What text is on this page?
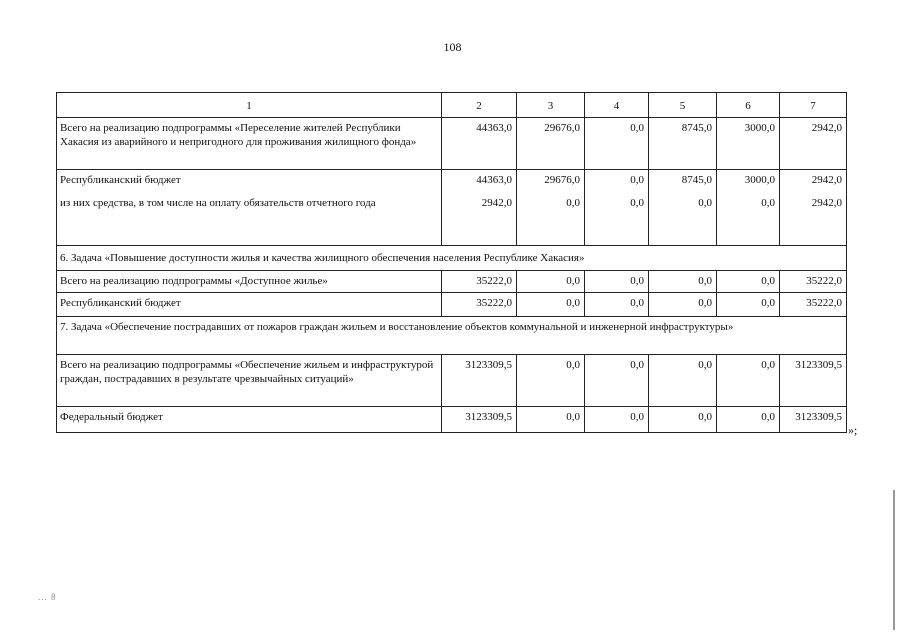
108
1	2	3	4	5	6	7
Всего на реализацию подпрограммы «Переселение жителей Республики Хакасия из аварийного и непригодного для проживания жилищного фонда»	44363,0	29676,0	0,0	8745,0	3000,0	2942,0
Республиканский бюджет	44363,0	29676,0	0,0	8745,0	3000,0	2942,0
из них средства, в том числе на оплату обязательств отчетного года	2942,0	0,0	0,0	0,0	0,0	2942,0
6. Задача «Повышение доступности жилья и качества жилищного обеспечения населения Республике Хакасия»						
Всего на реализацию подпрограммы «Доступное жилье»	35222,0	0,0	0,0	0,0	0,0	35222,0
Республиканский бюджет	35222,0	0,0	0,0	0,0	0,0	35222,0
7. Задача «Обеспечение пострадавших от пожаров граждан жильем и восстановление объектов коммунальной и инженерной инфраструктуры»						
Всего на реализацию подпрограммы «Обеспечение жильем и инфраструктурой граждан, пострадавших в результате чрезвычайных ситуаций»	3123309,5	0,0	0,0	0,0	0,0	3123309,5
Федеральный бюджет	3123309,5	0,0	0,0	0,0	0,0	3123309,5
»;
... 8
